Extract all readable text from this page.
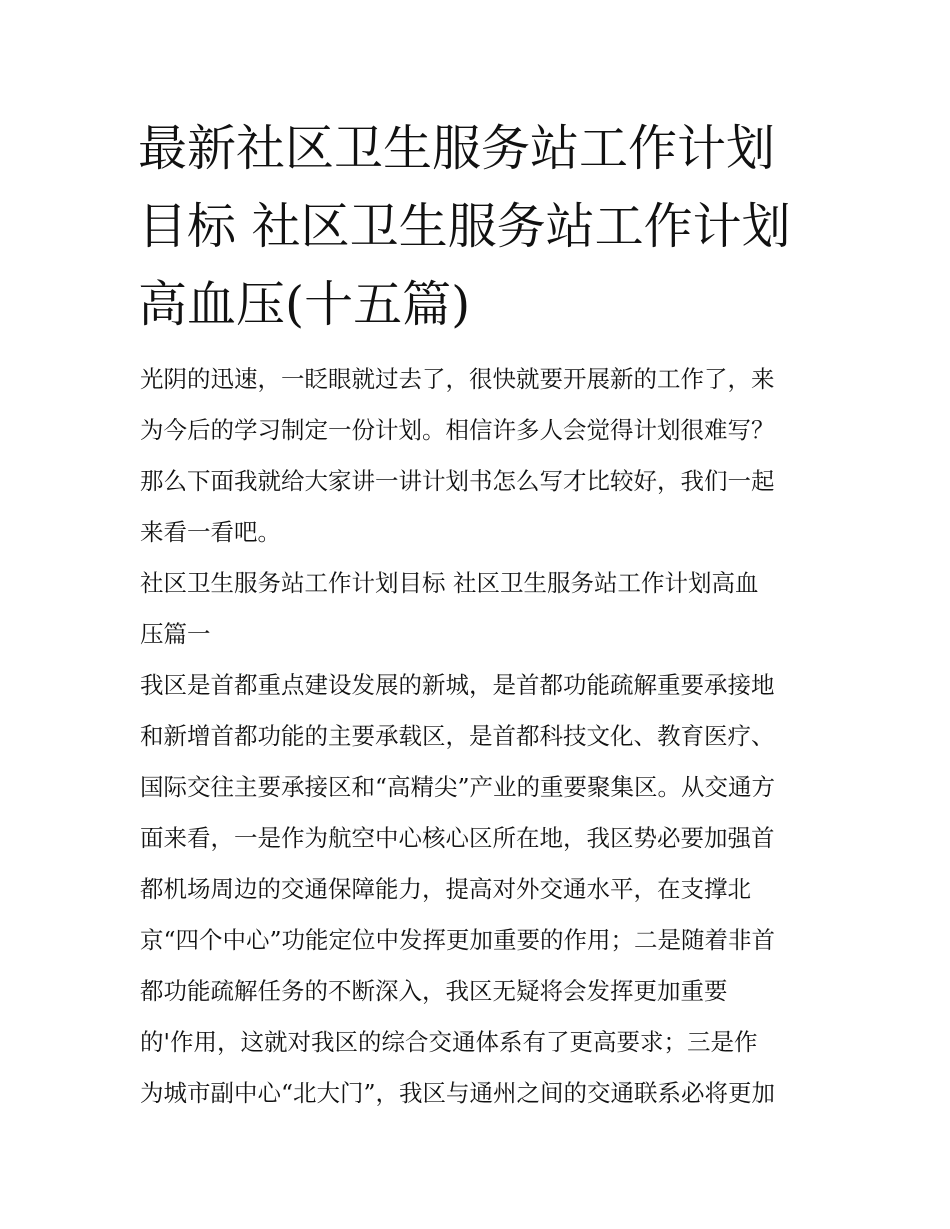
最新社区卫生服务站工作计划
目标 社区卫生服务站工作计划
高血压(十五篇)
光阴的迅速，一眨眼就过去了，很快就要开展新的工作了，来
为今后的学习制定一份计划。相信许多人会觉得计划很难写？
那么下面我就给大家讲一讲计划书怎么写才比较好，我们一起
来看一看吧。
社区卫生服务站工作计划目标 社区卫生服务站工作计划高血
压篇一
我区是首都重点建设发展的新城，是首都功能疏解重要承接地
和新增首都功能的主要承载区，是首都科技文化、教育医疗、
国际交往主要承接区和“高精尖”产业的重要聚集区。从交通方
面来看，一是作为航空中心核心区所在地，我区势必要加强首
都机场周边的交通保障能力，提高对外交通水平，在支撑北
京“四个中心”功能定位中发挥更加重要的作用；二是随着非首
都功能疏解任务的不断深入，我区无疑将会发挥更加重要
的'作用，这就对我区的综合交通体系有了更高要求；三是作
为城市副中心“北大门”，我区与通州之间的交通联系必将更加
